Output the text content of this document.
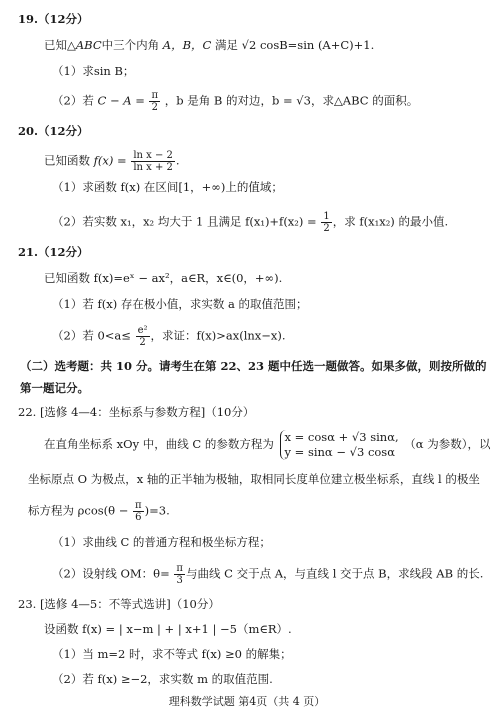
19.（12分）
已知△ABC中三个内角 A，B，C 满足 √2 cosB=sin (A+C)+1.
（1）求sin B；
（2）若 $C - A = \frac{\pi}{2}$ ，b 是角 B 的对边，b = √3，求△ABC 的面积。
20.（12分）
已知函数 $f(x) = \frac{\text{ln x − 2}}{\text{ln x + 2}}$ .
（1）求函数 f(x) 在区间[1，+∞)上的值域；
（2）若实数 x₁，x₂ 均大于 1 且满足 $f(x_1)+f(x_2) = \frac{1}{2}$ ，求 f(x₁x₂) 的最小值.
21.（12分）
已知函数 f(x)=eˣ − ax²，a∈R，x∈(0，+∞).
（1）若 f(x) 存在极小值，求实数 a 的取值范围；
（2）若 $0<a\le \frac{\text{e²}}{2}$ ，求证：f(x)>ax(lnx−x).
（二）选考题：共 10 分。请考生在第 22、23 题中任选一题做答。如果多做，则按所做的
第一题记分。
22. [选修 4—4：坐标系与参数方程]（10分）
在直角坐标系 xOy 中，曲线 C 的参数方程为 x = cosα + √3 sinα,
y = sinα − √3 cosα
（α 为参数），以
坐标原点 O 为极点，x 轴的正半轴为极轴，取相同长度单位建立极坐标系，直线 l 的极坐
标方程为 $\rho\cos(\theta - \frac{\pi}{6} )=3$.
（1）求曲线 C 的普通方程和极坐标方程；
（2）设射线 OM：$\theta= \frac{\pi}{3}$ 与曲线 C 交于点 A，与直线 l 交于点 B，求线段 AB 的长.
23. [选修 4—5：不等式选讲]（10分）
设函数 f(x) = | x−m | + | x+1 | −5（m∈R）.
（1）当 m=2 时，求不等式 f(x) ≥0 的解集；
（2）若 f(x) ≥−2，求实数 m 的取值范围.
理科数学试题 第4页（共 4 页）
